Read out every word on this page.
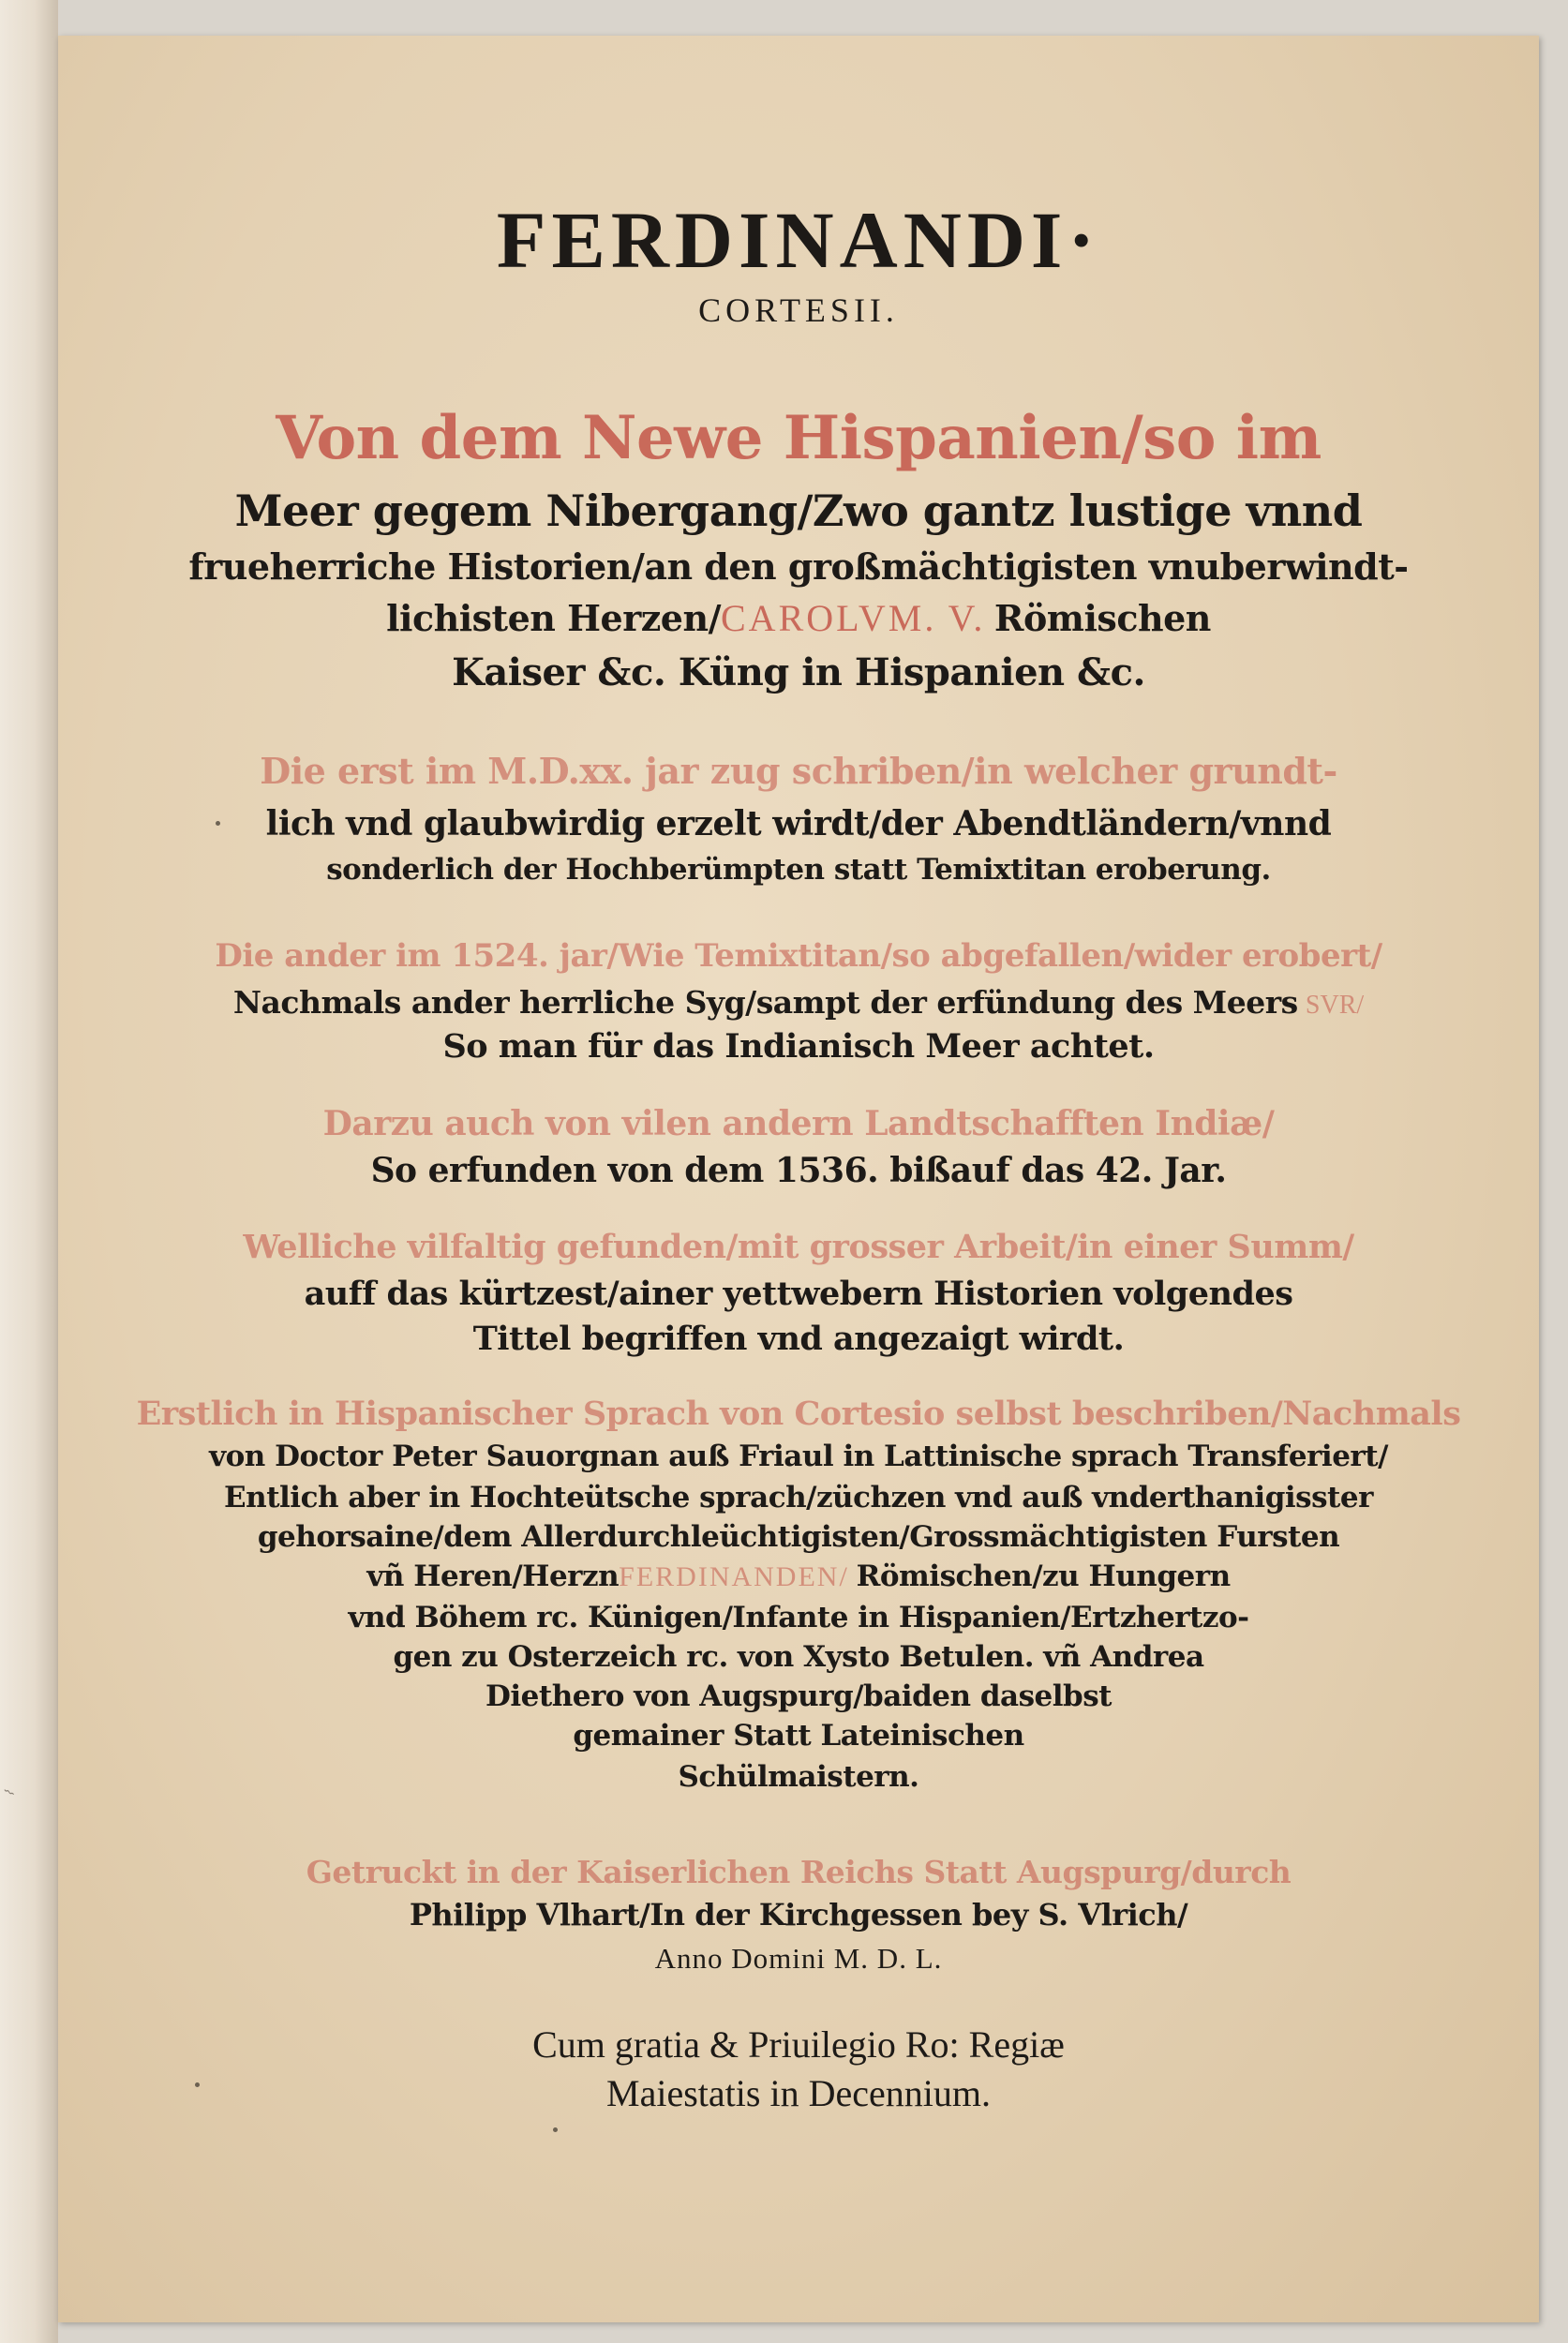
⌇
FERDINANDI·
CORTESII.
Von dem Newe Hispanien/so im
Meer gegem Nibergang/Zwo gantz lustige vnnd
frueherriche Historien/an den großmächtigisten vnuberwindt-
lichisten Herzen/CAROLVM. V. Römischen
Kaiser &c. Küng in Hispanien &c.
Die erst im M.D.xx. jar zug schriben/in welcher grundt-
lich vnd glaubwirdig erzelt wirdt/der Abendtländern/vnnd
sonderlich der Hochberümpten statt Temixtitan eroberung.
Die ander im 1524. jar/Wie Temixtitan/so abgefallen/wider erobert/
Nachmals ander herrliche Syg/sampt der erfündung des Meers SVR/
So man für das Indianisch Meer achtet.
Darzu auch von vilen andern Landtschafften Indiæ/
So erfunden von dem 1536. bißauf das 42. Jar.
Welliche vilfaltig gefunden/mit grosser Arbeit/in einer Summ/
auff das kürtzest/ainer yettwebern Historien volgendes
Tittel begriffen vnd angezaigt wirdt.
Erstlich in Hispanischer Sprach von Cortesio selbst beschriben/Nachmals
von Doctor Peter Sauorgnan auß Friaul in Lattinische sprach Transferiert/
Entlich aber in Hochteütsche sprach/züchzen vnd auß vnderthanigisster
gehorsaine/dem Allerdurchleüchtigisten/Grossmächtigisten Fursten
vñ Heren/HerznFERDINANDEN/ Römischen/zu Hungern
vnd Böhem rc. Künigen/Infante in Hispanien/Ertzhertzo-
gen zu Osterzeich rc. von Xysto Betulen. vñ Andrea
Diethero von Augspurg/baiden daselbst
gemainer Statt Lateinischen
Schülmaistern.
Getruckt in der Kaiserlichen Reichs Statt Augspurg/durch
Philipp Vlhart/In der Kirchgessen bey S. Vlrich/
Anno Domini M. D. L.
Cum gratia & Priuilegio Ro: Regiæ
Maiestatis in Decennium.
